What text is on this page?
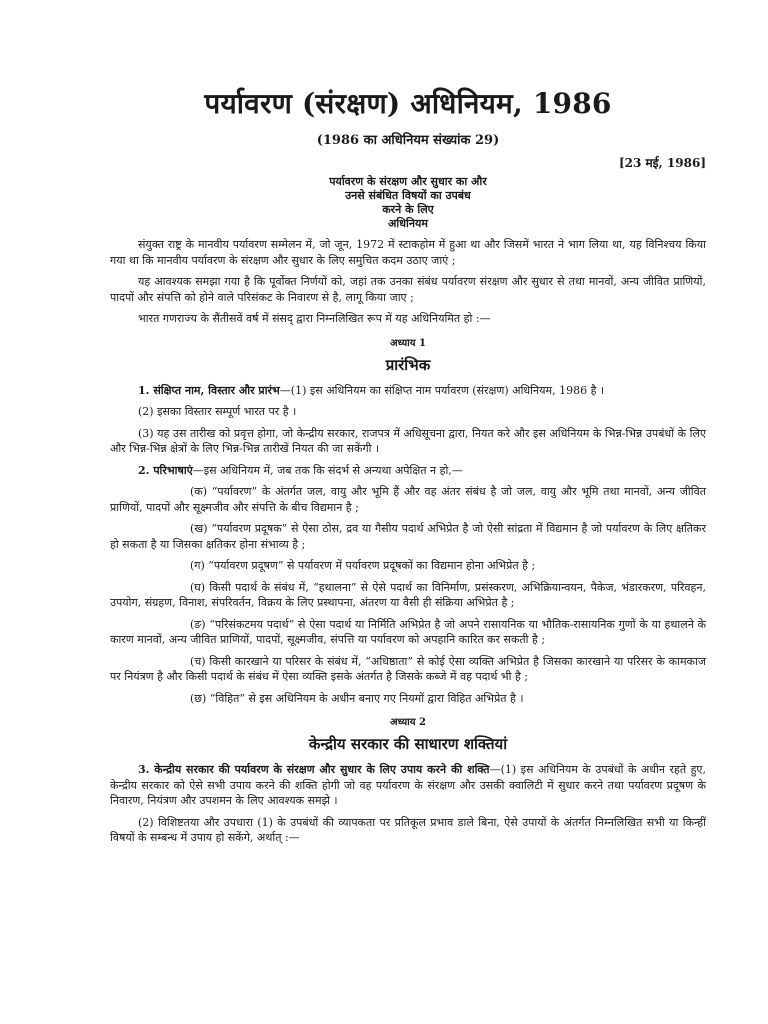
पर्यावरण (संरक्षण) अधिनियम, 1986
(1986 का अधिनियम संख्यांक 29)
[23 मई, 1986]
पर्यावरण के संरक्षण और सुधार का और
उनसे संबंधित विषयों का उपबंध
करने के लिए
अधिनियम

संयुक्त राष्ट्र के मानवीय पर्यावरण सम्मेलन में, जो जून, 1972 में स्टाकहोम में हुआ था और जिसमें भारत ने भाग लिया था, यह विनिश्चय किया गया था कि मानवीय पर्यावरण के संरक्षण और सुधार के लिए समुचित कदम उठाए जाएं ;

यह आवश्यक समझा गया है कि पूर्वोक्त निर्णयों को, जहां तक उनका संबंध पर्यावरण संरक्षण और सुधार से तथा मानवों, अन्य जीवित प्राणियों, पादपों और संपत्ति को होने वाले परिसंकट के निवारण से है, लागू किया जाए ;

भारत गणराज्य के सैंतीसवें वर्ष में संसद् द्वारा निम्नलिखित रूप में यह अधिनियमित हो :—

अध्याय 1
प्रारंभिक

1. संक्षिप्त नाम, विस्तार और प्रारंभ—(1) इस अधिनियम का संक्षिप्त नाम पर्यावरण (संरक्षण) अधिनियम, 1986 है ।

(2) इसका विस्तार सम्पूर्ण भारत पर है ।

(3) यह उस तारीख को प्रवृत्त होगा, जो केन्द्रीय सरकार, राजपत्र में अधिसूचना द्वारा, नियत करे और इस अधिनियम के भिन्न-भिन्न उपबंधों के लिए और भिन्न-भिन्न क्षेत्रों के लिए भिन्न-भिन्न तारीखें नियत की जा सकेंगी ।

2. परिभाषाएं—इस अधिनियम में, जब तक कि संदर्भ से अन्यथा अपेक्षित न हो,—

(क) “पर्यावरण” के अंतर्गत जल, वायु और भूमि हैं और वह अंतर संबंध है जो जल, वायु और भूमि तथा मानवों, अन्य जीवित प्राणियों, पादपों और सूक्ष्मजीव और संपत्ति के बीच विद्यमान है ;

(ख) “पर्यावरण प्रदूषक” से ऐसा ठोस, द्रव या गैसीय पदार्थ अभिप्रेत है जो ऐसी सांद्रता में विद्यमान है जो पर्यावरण के लिए क्षतिकर हो सकता है या जिसका क्षतिकर होना संभाव्य है ;

(ग) “पर्यावरण प्रदूषण” से पर्यावरण में पर्यावरण प्रदूषकों का विद्यमान होना अभिप्रेत है ;

(घ) किसी पदार्थ के संबंध में, “हथालना” से ऐसे पदार्थ का विनिर्माण, प्रसंस्करण, अभिक्रियान्वयन, पैकेज, भंडारकरण, परिवहन, उपयोग, संग्रहण, विनाश, संपरिवर्तन, विक्रय के लिए प्रस्थापना, अंतरण या वैसी ही संक्रिया अभिप्रेत है ;

(ङ) “परिसंकटमय पदार्थ” से ऐसा पदार्थ या निर्मिति अभिप्रेत है जो अपने रासायनिक या भौतिक-रासायनिक गुणों के या हथालने के कारण मानवों, अन्य जीवित प्राणियों, पादपों, सूक्ष्मजीव, संपत्ति या पर्यावरण को अपहानि कारित कर सकती है ;

(च) किसी कारखाने या परिसर के संबंध में, “अधिष्ठाता” से कोई ऐसा व्यक्ति अभिप्रेत है जिसका कारखाने या परिसर के कामकाज पर नियंत्रण है और किसी पदार्थ के संबंध में ऐसा व्यक्ति इसके अंतर्गत है जिसके कब्जे में वह पदार्थ भी है ;

(छ) “विहित” से इस अधिनियम के अधीन बनाए गए नियमों द्वारा विहित अभिप्रेत है ।

अध्याय 2
केन्द्रीय सरकार की साधारण शक्तियां

3. केन्द्रीय सरकार की पर्यावरण के संरक्षण और सुधार के लिए उपाय करने की शक्ति—(1) इस अधिनियम के उपबंधों के अधीन रहते हुए, केन्द्रीय सरकार को ऐसे सभी उपाय करने की शक्ति होगी जो वह पर्यावरण के संरक्षण और उसकी क्वालिटी में सुधार करने तथा पर्यावरण प्रदूषण के निवारण, नियंत्रण और उपशमन के लिए आवश्यक समझे ।

(2) विशिष्टतया और उपधारा (1) के उपबंधों की व्यापकता पर प्रतिकूल प्रभाव डाले बिना, ऐसे उपायों के अंतर्गत निम्नलिखित सभी या किन्हीं विषयों के सम्बन्ध में उपाय हो सकेंगे, अर्थात् :—
